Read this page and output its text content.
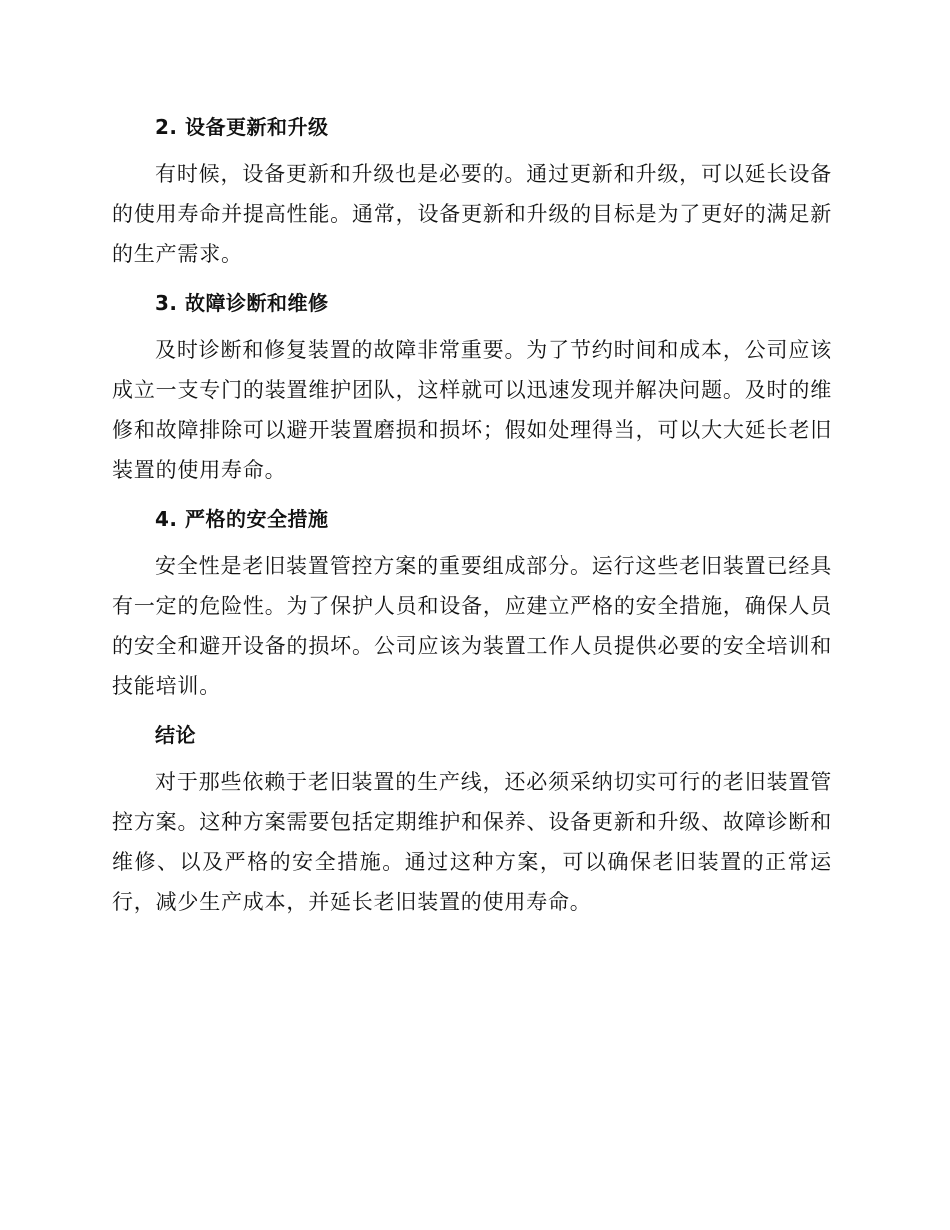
2. 设备更新和升级

有时候，设备更新和升级也是必要的。通过更新和升级，可以延长设备的使用寿命并提高性能。通常，设备更新和升级的目标是为了更好的满足新的生产需求。

3. 故障诊断和维修

及时诊断和修复装置的故障非常重要。为了节约时间和成本，公司应该成立一支专门的装置维护团队，这样就可以迅速发现并解决问题。及时的维修和故障排除可以避开装置磨损和损坏；假如处理得当，可以大大延长老旧装置的使用寿命。

4. 严格的安全措施

安全性是老旧装置管控方案的重要组成部分。运行这些老旧装置已经具有一定的危险性。为了保护人员和设备，应建立严格的安全措施，确保人员的安全和避开设备的损坏。公司应该为装置工作人员提供必要的安全培训和技能培训。

结论

对于那些依赖于老旧装置的生产线，还必须采纳切实可行的老旧装置管控方案。这种方案需要包括定期维护和保养、设备更新和升级、故障诊断和维修、以及严格的安全措施。通过这种方案，可以确保老旧装置的正常运行，减少生产成本，并延长老旧装置的使用寿命。
